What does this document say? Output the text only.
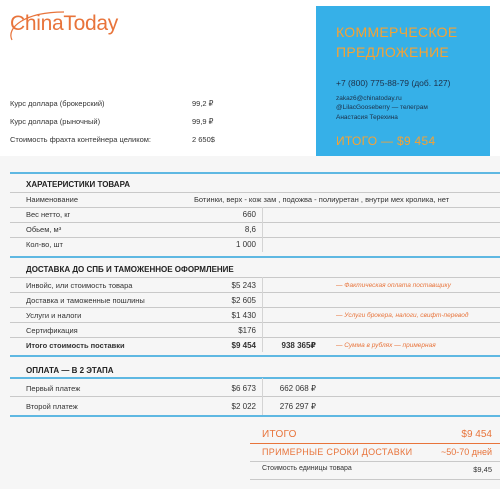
ChinaToday
Курс доллара (брокерский)	99,2 ₽
Курс доллара (рыночный)	99,9 ₽
Стоимость фрахта контейнера целиком:	2 650$
КОММЕРЧЕСКОЕ
ПРЕДЛОЖЕНИЕ
+7 (800) 775-88-79 (доб. 127)
zakaz6@chinatoday.ru
@LilacGooseberry — телеграм
Анастасия Терехина
ИТОГО — $9 454
ХАРАТЕРИСТИКИ ТОВАРА
Наименование	Ботинки, верх - кож зам , подожва - полиуретан , внутри мех кролика, нет
Вес нетто, кг	660
Обьем, м³	8,6
Кол-во, шт	1 000
ДОСТАВКА ДО СПБ И ТАМОЖЕННОЕ ОФОРМЛЕНИЕ
Инвойс, или стоимость товара	$5 243	— Фактическая оплата поставщику
Доставка и таможенные пошлины	$2 605
Услуги и налоги	$1 430	— Услуги брокера, налоги, свифт-перевод
Сертификация	$176
Итого стоимость поставки	$9 454	938 365₽	— Сумма в рублях — примерная
ОПЛАТА — В 2 ЭТАПА
Первый платеж	$6 673	662 068 ₽
Второй платеж	$2 022	276 297 ₽
ИТОГО	$9 454
ПРИМЕРНЫЕ СРОКИ ДОСТАВКИ	~50-70 дней
Стоимость единицы товара	$9,45
